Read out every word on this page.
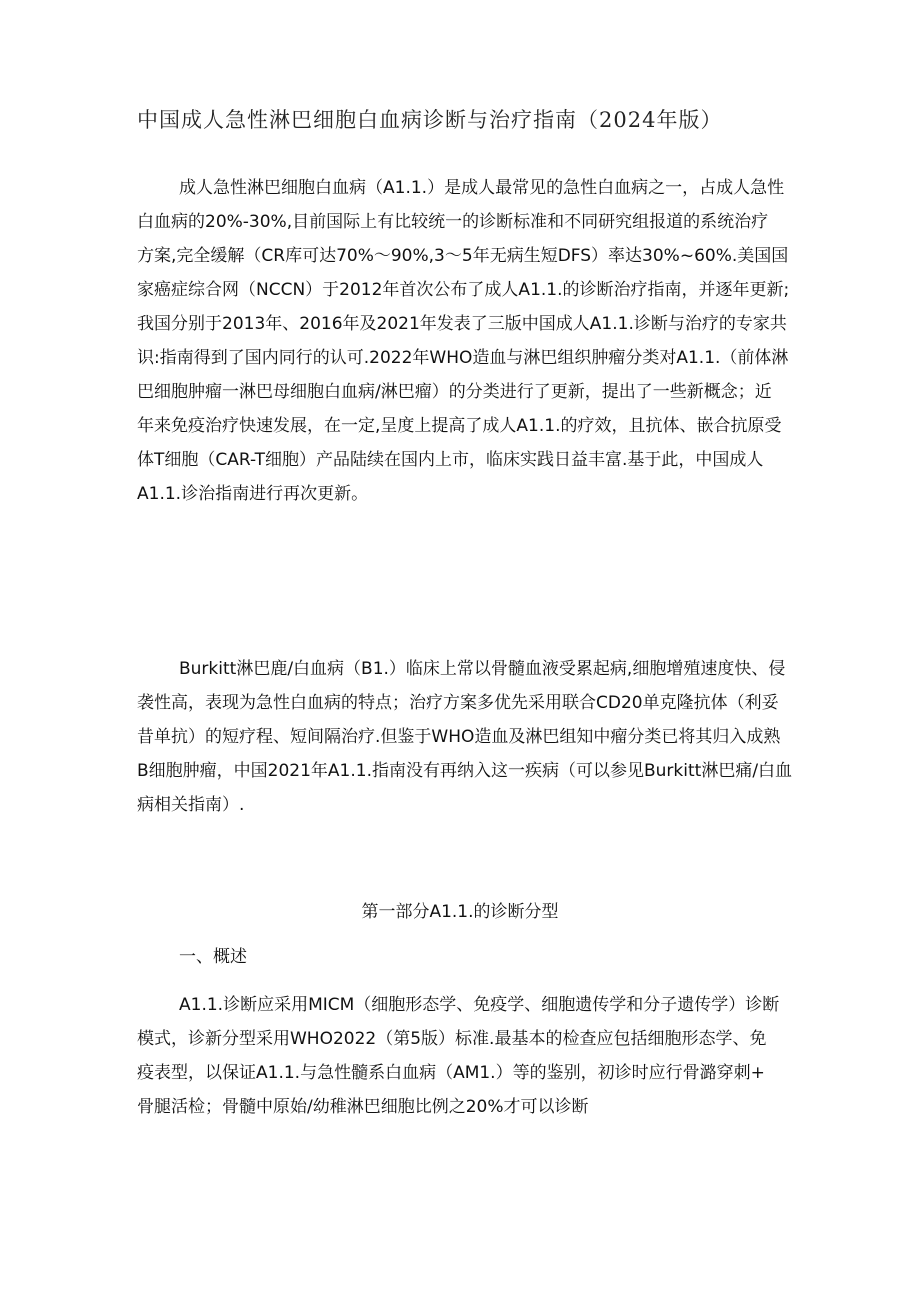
中国成人急性淋巴细胞白血病诊断与治疗指南（2024年版）
成人急性淋巴细胞白血病（A1.1.）是成人最常见的急性白血病之一，占成人急性
白血病的20%-30%,目前国际上有比较统一的诊断标准和不同研究组报道的系统治疗
方案,完全缓解（CR库可达70%～90%,3～5年无病生短DFS）率达30%~60%.美国国
家癌症综合网（NCCN）于2012年首次公布了成人A1.1.的诊断治疗指南，并逐年更新;
我国分别于2013年、2016年及2021年发表了三版中国成人A1.1.诊断与治疗的专家共
识:指南得到了国内同行的认可.2022年WHO造血与淋巴组织肿瘤分类对A1.1.（前体淋
巴细胞肿瘤一淋巴母细胞白血病/淋巴瘤）的分类进行了更新，提出了一些新概念；近
年来免疫治疗快速发展，在一定,呈度上提高了成人A1.1.的疗效，且抗体、嵌合抗原受
体T细胞（CAR-T细胞）产品陆续在国内上市，临床实践日益丰富.基于此，中国成人
A1.1.诊治指南进行再次更新。
Burkitt淋巴鹿/白血病（B1.）临床上常以骨髓血液受累起病,细胞增殖速度快、侵
袭性高，表现为急性白血病的特点；治疗方案多优先采用联合CD20单克隆抗体（利妥
昔单抗）的短疗程、短间隔治疗.但鉴于WHO造血及淋巴组知中瘤分类已将其归入成熟
B细胞肿瘤，中国2021年A1.1.指南没有再纳入这一疾病（可以参见Burkitt淋巴痛/白血
病相关指南）.
第一部分A1.1.的诊断分型
一、概述
A1.1.诊断应采用MICM（细胞形态学、免疫学、细胞遗传学和分子遗传学）诊断
模式，诊新分型采用WHO2022（第5版）标准.最基本的检查应包括细胞形态学、免
疫表型，以保证A1.1.与急性髓系白血病（AM1.）等的鉴别，初诊时应行骨潞穿刺+
骨腿活检；骨髓中原始/幼稚淋巴细胞比例之20%才可以诊断
